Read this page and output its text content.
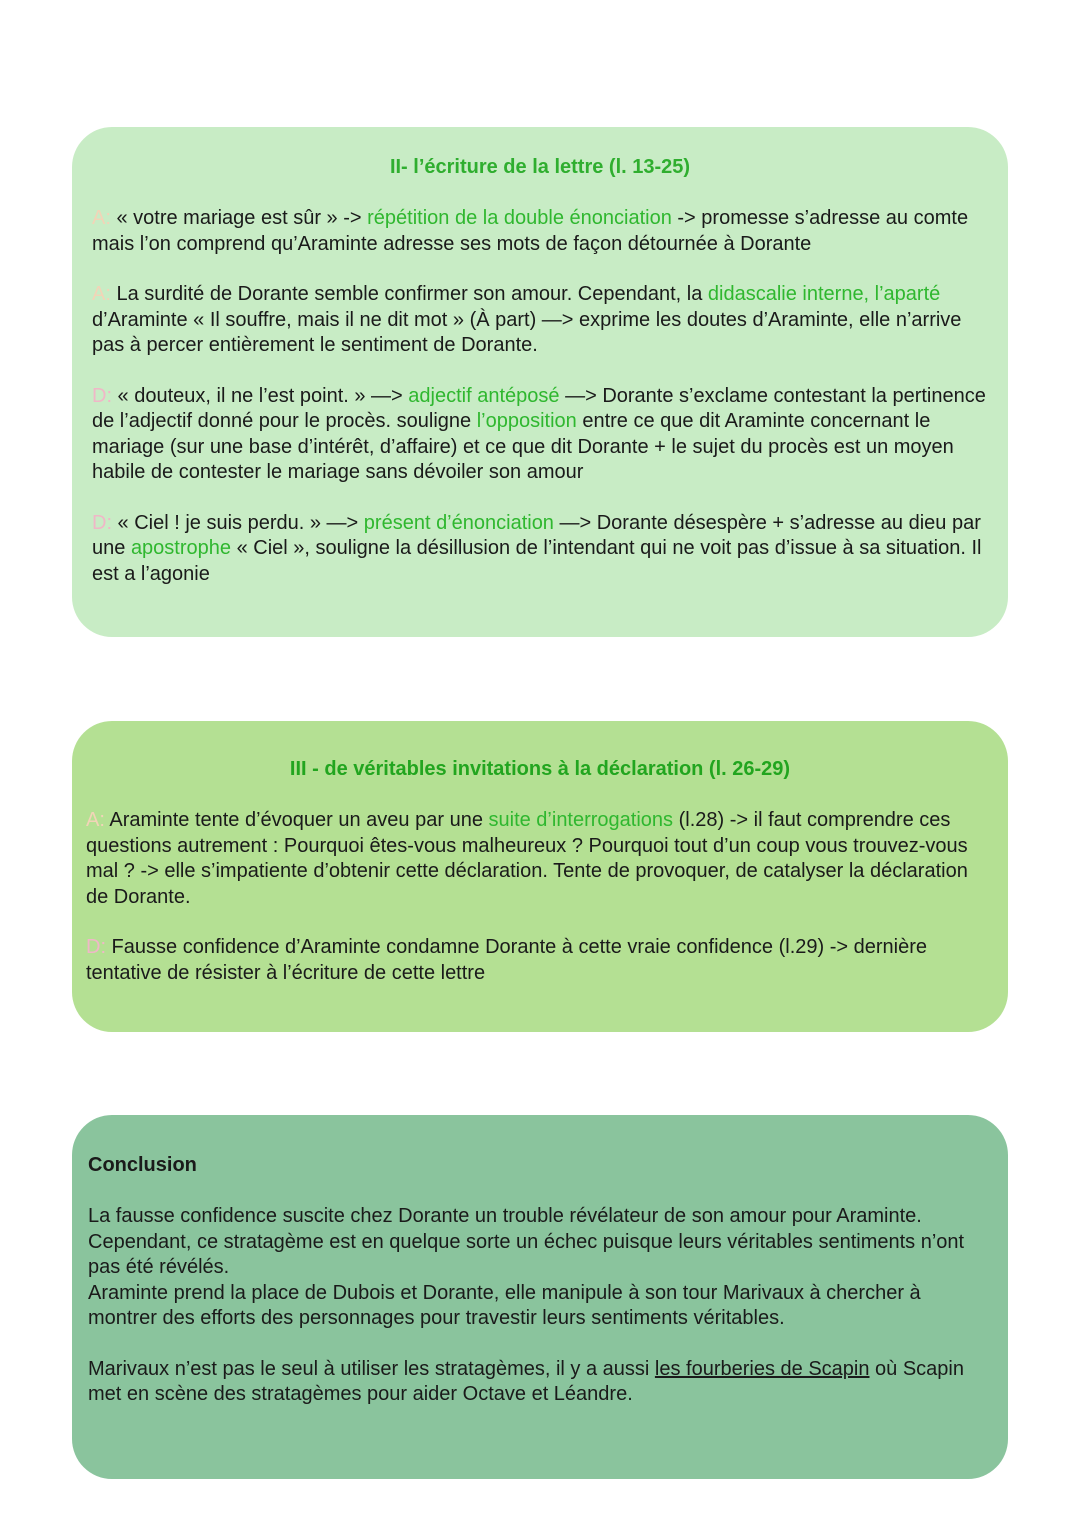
II- l’écriture de la lettre (l. 13-25)
A: « votre mariage est sûr » -> répétition de la double énonciation -> promesse s’adresse au comte mais l’on comprend qu’Araminte adresse ses mots de façon détournée à Dorante
A: La surdité de Dorante semble confirmer son amour. Cependant, la didascalie interne, l’aparté d’Araminte « Il souffre, mais il ne dit mot » (À part) —> exprime les doutes d’Araminte, elle n’arrive pas à percer entièrement le sentiment de Dorante.
D: « douteux, il ne l’est point. » —> adjectif antéposé —> Dorante s’exclame contestant la pertinence de l’adjectif donné pour le procès. souligne l’opposition entre ce que dit Araminte concernant le mariage (sur une base d’intérêt, d’affaire) et ce que dit Dorante + le sujet du procès est un moyen habile de contester le mariage sans dévoiler son amour
D: « Ciel ! je suis perdu. » —> présent d’énonciation —> Dorante désespère + s’adresse au dieu par une apostrophe « Ciel », souligne la désillusion de l’intendant qui ne voit pas d’issue à sa situation. Il est a l’agonie
III - de véritables invitations à la déclaration (l. 26-29)
A: Araminte tente d’évoquer un aveu par une suite d’interrogations (l.28) -> il faut comprendre ces questions autrement : Pourquoi êtes-vous malheureux ? Pourquoi tout d’un coup vous trouvez-vous mal ? -> elle s’impatiente d’obtenir cette déclaration. Tente de provoquer, de catalyser la déclaration de Dorante.
D: Fausse confidence d’Araminte condamne Dorante à cette vraie confidence (l.29) -> dernière tentative de résister à l’écriture de cette lettre
Conclusion
La fausse confidence suscite chez Dorante un trouble révélateur de son amour pour Araminte.
Cependant, ce stratagème est en quelque sorte un échec puisque leurs véritables sentiments n’ont pas été révélés.
Araminte prend la place de Dubois et Dorante, elle manipule à son tour Marivaux à chercher à montrer des efforts des personnages pour travestir leurs sentiments véritables.
Marivaux n’est pas le seul à utiliser les stratagèmes, il y a aussi les fourberies de Scapin où Scapin met en scène des stratagèmes pour aider Octave et Léandre.
